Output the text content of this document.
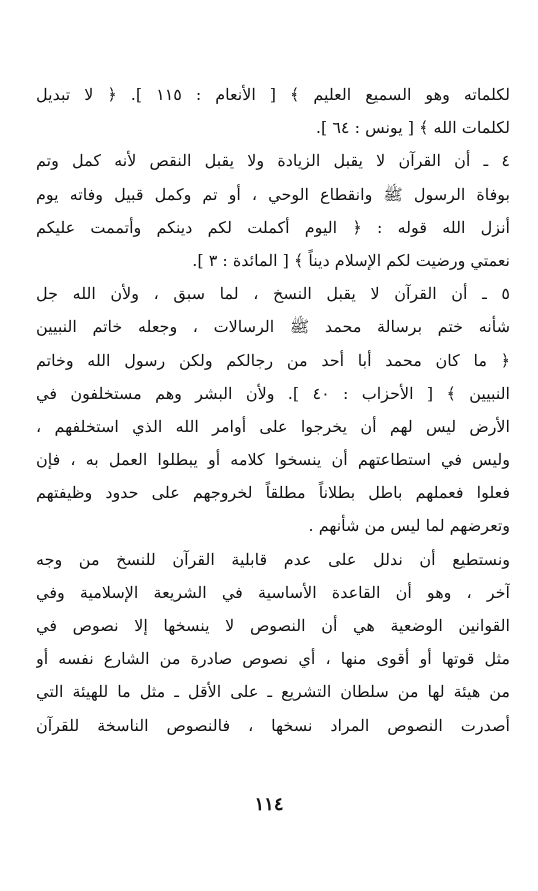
لكلماته وهو السميع العليم ﴾ [ الأنعام : ١١٥ ]. ﴿ لا تبديل
لكلمات الله ﴾ [ يونس : ٦٤ ].
٤ ـ أن القرآن لا يقبل الزيادة ولا يقبل النقص لأنه كمل وتم
بوفاة الرسول ﷺ وانقطاع الوحي ، أو تم وكمل قبيل وفاته يوم
أنزل الله قوله : ﴿ اليوم أكملت لكم دينكم وأتممت عليكم
نعمتي ورضيت لكم الإسلام ديناً ﴾ [ المائدة : ٣ ].
٥ ـ أن القرآن لا يقبل النسخ ، لما سبق ، ولأن الله جل
شأنه ختم برسالة محمد ﷺ الرسالات ، وجعله خاتم النبيين
﴿ ما كان محمد أبا أحد من رجالكم ولكن رسول الله وخاتم
النبيين ﴾ [ الأحزاب : ٤٠ ]. ولأن البشر وهم مستخلفون في
الأرض ليس لهم أن يخرجوا على أوامر الله الذي استخلفهم ،
وليس في استطاعتهم أن ينسخوا كلامه أو يبطلوا العمل به ، فإن
فعلوا فعملهم باطل بطلاناً مطلقاً لخروجهم على حدود وظيفتهم
وتعرضهم لما ليس من شأنهم .
ونستطيع أن ندلل على عدم قابلية القرآن للنسخ من وجه
آخر ، وهو أن القاعدة الأساسية في الشريعة الإسلامية وفي
القوانين الوضعية هي أن النصوص لا ينسخها إلا نصوص في
مثل قوتها أو أقوى منها ، أي نصوص صادرة من الشارع نفسه أو
من هيئة لها من سلطان التشريع ـ على الأقل ـ مثل ما للهيئة التي
أصدرت النصوص المراد نسخها ، فالنصوص الناسخة للقرآن
١١٤
